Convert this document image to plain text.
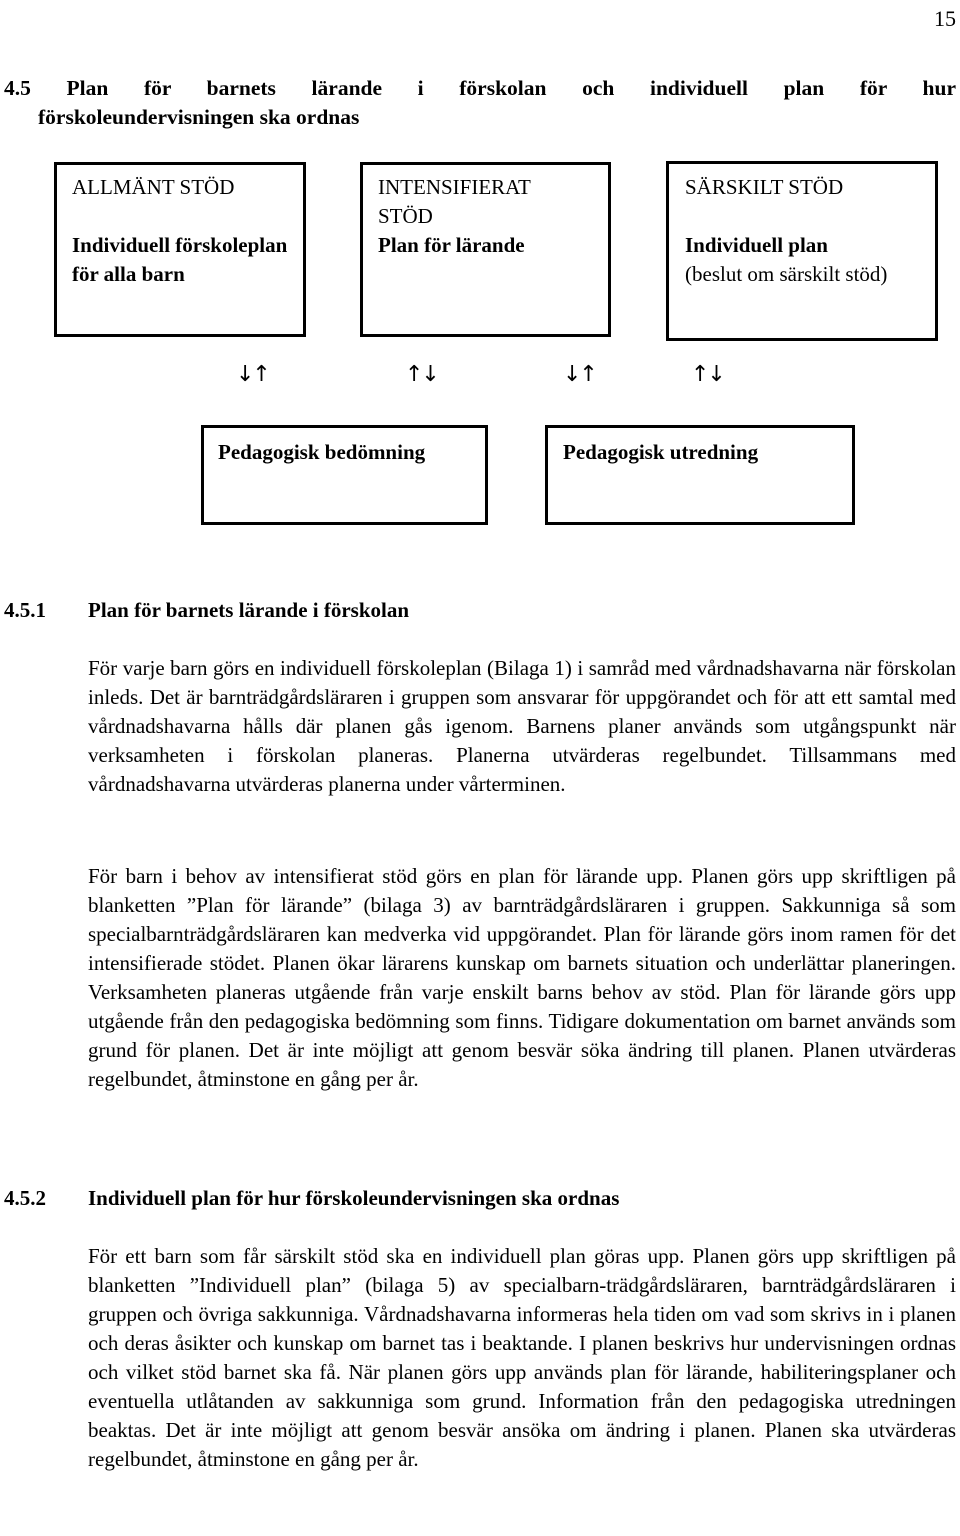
15
4.5 Plan för barnets lärande i förskolan och individuell plan för hur
förskoleundervisningen ska ordnas
ALLMÄNT STÖD
Individuell förskoleplan för alla barn
INTENSIFIERAT STÖD
Plan för lärande
SÄRSKILT STÖD
Individuell plan
(beslut om särskilt stöd)
↓↑	↑↓	↓↑	↑↓
Pedagogisk bedömning	Pedagogisk utredning
4.5.1 Plan för barnets lärande i förskolan
För varje barn görs en individuell förskoleplan (Bilaga 1) i samråd med vårdnadshavarna när förskolan inleds. Det är barnträdgårdsläraren i gruppen som ansvarar för uppgörandet och för att ett samtal med vårdnadshavarna hålls där planen gås igenom. Barnens planer används som utgångspunkt när verksamheten i förskolan planeras. Planerna utvärderas regelbundet. Tillsammans med vårdnadshavarna utvärderas planerna under vårterminen.
För barn i behov av intensifierat stöd görs en plan för lärande upp. Planen görs upp skriftligen på blanketten ”Plan för lärande” (bilaga 3) av barnträdgårdsläraren i gruppen. Sakkunniga så som specialbarnträdgårdsläraren kan medverka vid uppgörandet. Plan för lärande görs inom ramen för det intensifierade stödet. Planen ökar lärarens kunskap om barnets situation och underlättar planeringen. Verksamheten planeras utgående från varje enskilt barns behov av stöd. Plan för lärande görs upp utgående från den pedagogiska bedömning som finns. Tidigare dokumentation om barnet används som grund för planen. Det är inte möjligt att genom besvär söka ändring till planen. Planen utvärderas regelbundet, åtminstone en gång per år.
4.5.2 Individuell plan för hur förskoleundervisningen ska ordnas
För ett barn som får särskilt stöd ska en individuell plan göras upp. Planen görs upp skriftligen på blanketten ”Individuell plan” (bilaga 5) av specialbarn-trädgårdsläraren, barnträdgårdsläraren i gruppen och övriga sakkunniga. Vårdnadshavarna informeras hela tiden om vad som skrivs in i planen och deras åsikter och kunskap om barnet tas i beaktande. I planen beskrivs hur undervisningen ordnas och vilket stöd barnet ska få. När planen görs upp används plan för lärande, habiliteringsplaner och eventuella utlåtanden av sakkunniga som grund. Information från den pedagogiska utredningen beaktas. Det är inte möjligt att genom besvär ansöka om ändring i planen. Planen ska utvärderas regelbundet, åtminstone en gång per år.
